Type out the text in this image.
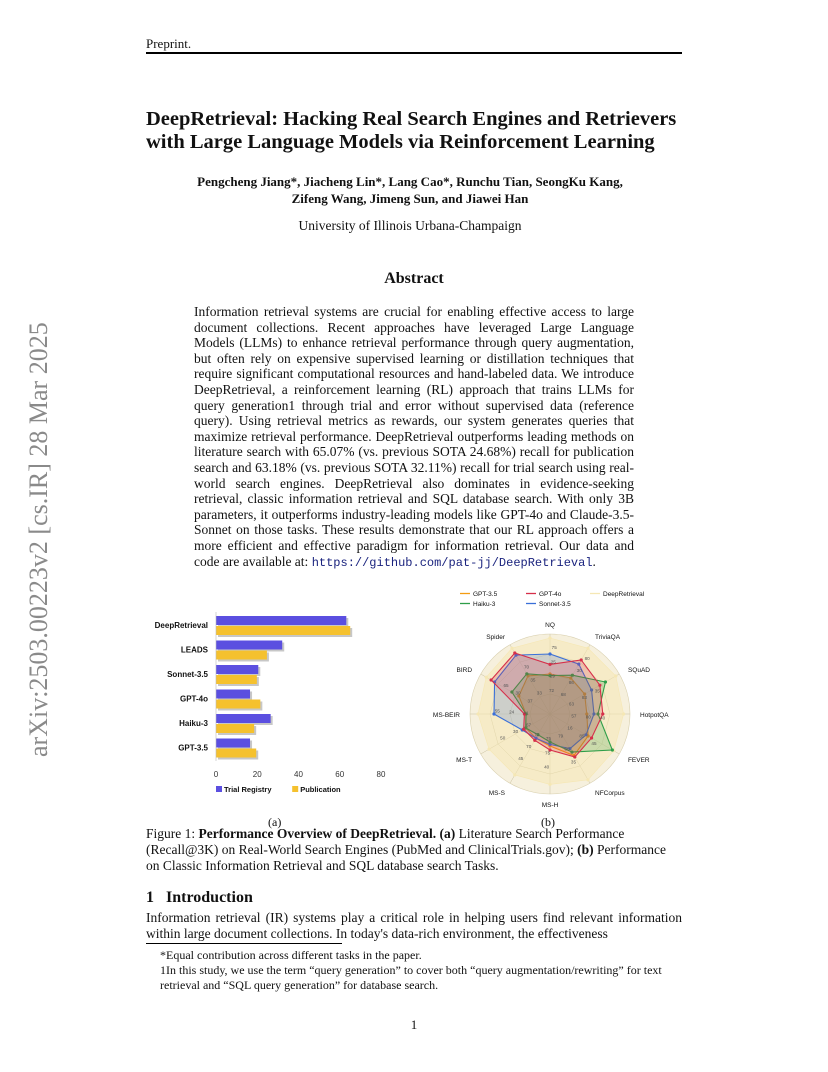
Preprint.
arXiv:2503.00223v2 [cs.IR] 28 Mar 2025
DeepRetrieval: Hacking Real Search Engines and Retrievers with Large Language Models via Reinforcement Learning
Pengcheng Jiang*, Jiacheng Lin*, Lang Cao*, Runchu Tian, SeongKu Kang,
Zifeng Wang, Jimeng Sun, and Jiawei Han
University of Illinois Urbana-Champaign
Abstract
Information retrieval systems are crucial for enabling effective access to large document collections. Recent approaches have leveraged Large Language Models (LLMs) to enhance retrieval performance through query augmentation, but often rely on expensive supervised learning or distillation techniques that require significant computational resources and hand-labeled data. We introduce DeepRetrieval, a reinforcement learning (RL) approach that trains LLMs for query generation1 through trial and error without supervised data (reference query). Using retrieval metrics as rewards, our system generates queries that maximize retrieval performance. DeepRetrieval outperforms leading methods on literature search with 65.07% (vs. previous SOTA 24.68%) recall for publication search and 63.18% (vs. previous SOTA 32.11%) recall for trial search using real-world search engines. DeepRetrieval also dominates in evidence-seeking retrieval, classic information retrieval and SQL database search. With only 3B parameters, it outperforms industry-leading models like GPT-4o and Claude-3.5-Sonnet on those tasks. These results demonstrate that our RL approach offers a more efficient and effective paradigm for information retrieval. Our data and code are available at: https://github.com/pat-jj/DeepRetrieval.
0	20	40	60	80
DeepRetrieval
LEADS
Sonnet-3.5
GPT-4o
Haiku-3
GPT-3.5
Trial Registry	Publication
NQ
TriviaQA
SQuAD
HotpotQA
FEVER
NFCorpus
MS-H
MS-S
MS-T
MS-BEIR
BIRD
Spider
72
68
63
57
16
79
75
71
67
41
37
33
29
86
83
80
85
80
75
70
30
24
30
35
25
30
35
40
45
35
40
45
50
55
65
70
75
80
GPT-3.5	GPT-4o	DeepRetrieval
Haiku-3	Sonnet-3.5
(a)	(b)
Figure 1: Performance Overview of DeepRetrieval. (a) Literature Search Performance (Recall@3K) on Real-World Search Engines (PubMed and ClinicalTrials.gov); (b) Performance on Classic Information Retrieval and SQL database search Tasks.
1 Introduction
Information retrieval (IR) systems play a critical role in helping users find relevant information within large document collections. In today's data-rich environment, the effectiveness
*Equal contribution across different tasks in the paper.
1In this study, we use the term “query generation” to cover both “query augmentation/rewriting” for text retrieval and “SQL query generation” for database search.
1
